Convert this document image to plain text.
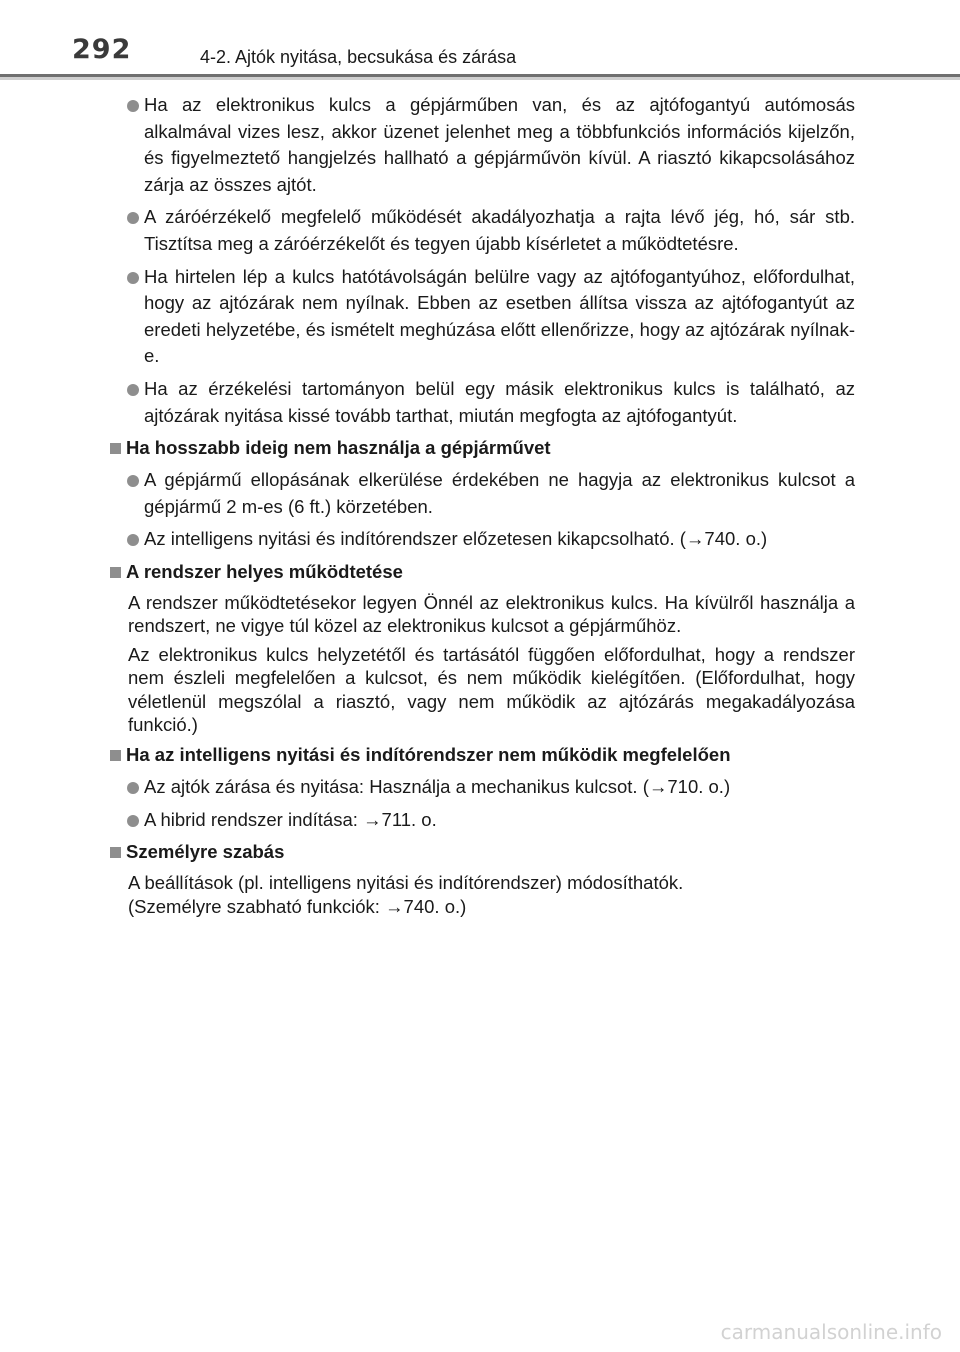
292	4-2. Ajtók nyitása, becsukása és zárása
Ha az elektronikus kulcs a gépjárműben van, és az ajtófogantyú autómosás alkalmával vizes lesz, akkor üzenet jelenhet meg a többfunkciós információs kijelzőn, és figyelmeztető hangjelzés hallható a gépjárművön kívül. A riasztó kikapcsolásához zárja az összes ajtót.
A záróérzékelő megfelelő működését akadályozhatja a rajta lévő jég, hó, sár stb. Tisztítsa meg a záróérzékelőt és tegyen újabb kísérletet a működtetésre.
Ha hirtelen lép a kulcs hatótávolságán belülre vagy az ajtófogantyúhoz, előfordulhat, hogy az ajtózárak nem nyílnak. Ebben az esetben állítsa vissza az ajtófogantyút az eredeti helyzetébe, és ismételt meghúzása előtt ellenőrizze, hogy az ajtózárak nyílnak-e.
Ha az érzékelési tartományon belül egy másik elektronikus kulcs is található, az ajtózárak nyitása kissé tovább tarthat, miután megfogta az ajtófogantyút.
Ha hosszabb ideig nem használja a gépjárművet
A gépjármű ellopásának elkerülése érdekében ne hagyja az elektronikus kulcsot a gépjármű 2 m-es (6 ft.) körzetében.
Az intelligens nyitási és indítórendszer előzetesen kikapcsolható. (→740. o.)
A rendszer helyes működtetése
A rendszer működtetésekor legyen Önnél az elektronikus kulcs. Ha kívülről használja a rendszert, ne vigye túl közel az elektronikus kulcsot a gépjárműhöz.
Az elektronikus kulcs helyzetétől és tartásától függően előfordulhat, hogy a rendszer nem észleli megfelelően a kulcsot, és nem működik kielégítően. (Előfordulhat, hogy véletlenül megszólal a riasztó, vagy nem működik az ajtózárás megakadályozása funkció.)
Ha az intelligens nyitási és indítórendszer nem működik megfelelően
Az ajtók zárása és nyitása: Használja a mechanikus kulcsot. (→710. o.)
A hibrid rendszer indítása: →711. o.
Személyre szabás
A beállítások (pl. intelligens nyitási és indítórendszer) módosíthatók.
(Személyre szabható funkciók: →740. o.)
carmanualsonline.info
